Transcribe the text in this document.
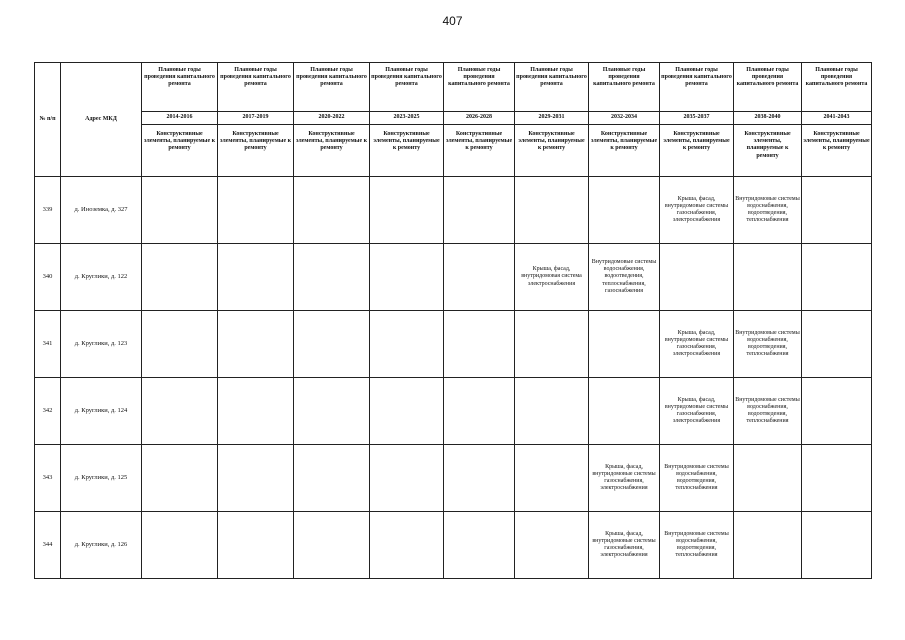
407
№ п/п	Адрес МКД	Плановые годы проведения капитального ремонта	Плановые годы проведения капитального ремонта	Плановые годы проведения капитального ремонта	Плановые годы проведения капитального ремонта	Плановые годы проведения капитального ремонта	Плановые годы проведения капитального ремонта	Плановые годы проведения капитального ремонта	Плановые годы проведения капитального ремонта	Плановые годы проведения капитального ремонта	Плановые годы проведения капитального ремонта
		2014-2016	2017-2019	2020-2022	2023-2025	2026-2028	2029-2031	2032-2034	2035-2037	2038-2040	2041-2043
		Конструктивные элементы, планируемые к ремонту	Конструктивные элементы, планируемые к ремонту	Конструктивные элементы, планируемые к ремонту	Конструктивные элементы, планируемые к ремонту	Конструктивные элементы, планируемые к ремонту	Конструктивные элементы, планируемые к ремонту	Конструктивные элементы, планируемые к ремонту	Конструктивные элементы, планируемые к ремонту	Конструктивные элементы, планируемые к ремонту	Конструктивные элементы, планируемые к ремонту
339	д. Иноземка, д. 327								Крыша, фасад, внутридомовые системы газоснабжения, электроснабжения	Внутридомовые системы водоснабжения, водоотведения, теплоснабжения	
340	д. Круглики, д. 122						Крыша, фасад, внутридомовая система электроснабжения	Внутридомовые системы водоснабжения, водоотведения, теплоснабжения, газоснабжения			
341	д. Круглики, д. 123								Крыша, фасад, внутридомовые системы газоснабжения, электроснабжения	Внутридомовые системы водоснабжения, водоотведения, теплоснабжения	
342	д. Круглики, д. 124								Крыша, фасад, внутридомовые системы газоснабжения, электроснабжения	Внутридомовые системы водоснабжения, водоотведения, теплоснабжения	
343	д. Круглики, д. 125							Крыша, фасад, внутридомовые системы газоснабжения, электроснабжения	Внутридомовые системы водоснабжения, водоотведения, теплоснабжения		
344	д. Круглики, д. 126							Крыша, фасад, внутридомовые системы газоснабжения, электроснабжения	Внутридомовые системы водоснабжения, водоотведения, теплоснабжения		
